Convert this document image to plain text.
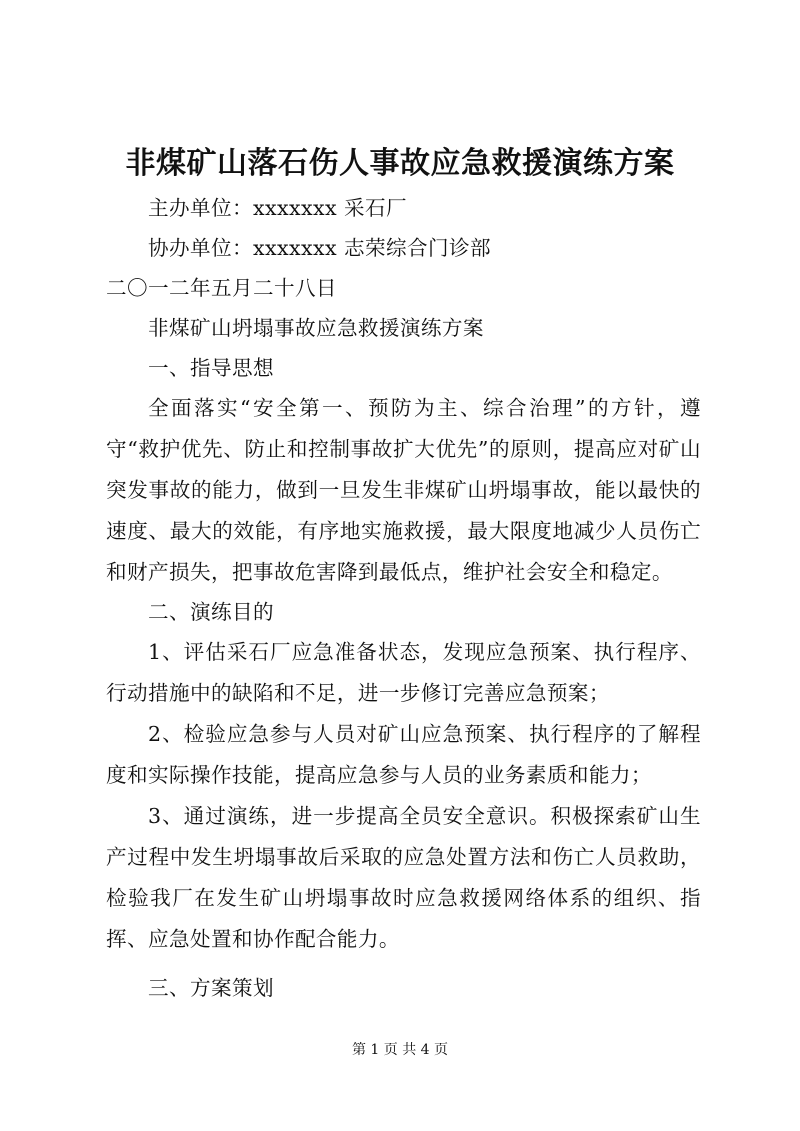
非煤矿山落石伤人事故应急救援演练方案
主办单位：xxxxxxx 采石厂
协办单位：xxxxxxx 志荣综合门诊部
二〇一二年五月二十八日
非煤矿山坍塌事故应急救援演练方案
一、指导思想
全面落实“安全第一、预防为主、综合治理”的方针，遵守“救护优先、防止和控制事故扩大优先”的原则，提高应对矿山突发事故的能力，做到一旦发生非煤矿山坍塌事故，能以最快的速度、最大的效能，有序地实施救援，最大限度地减少人员伤亡和财产损失，把事故危害降到最低点，维护社会安全和稳定。
二、演练目的
1、评估采石厂应急准备状态，发现应急预案、执行程序、行动措施中的缺陷和不足，进一步修订完善应急预案；
2、检验应急参与人员对矿山应急预案、执行程序的了解程度和实际操作技能，提高应急参与人员的业务素质和能力；
3、通过演练，进一步提高全员安全意识。积极探索矿山生产过程中发生坍塌事故后采取的应急处置方法和伤亡人员救助，检验我厂在发生矿山坍塌事故时应急救援网络体系的组织、指挥、应急处置和协作配合能力。
三、方案策划
第 1 页 共 4 页
